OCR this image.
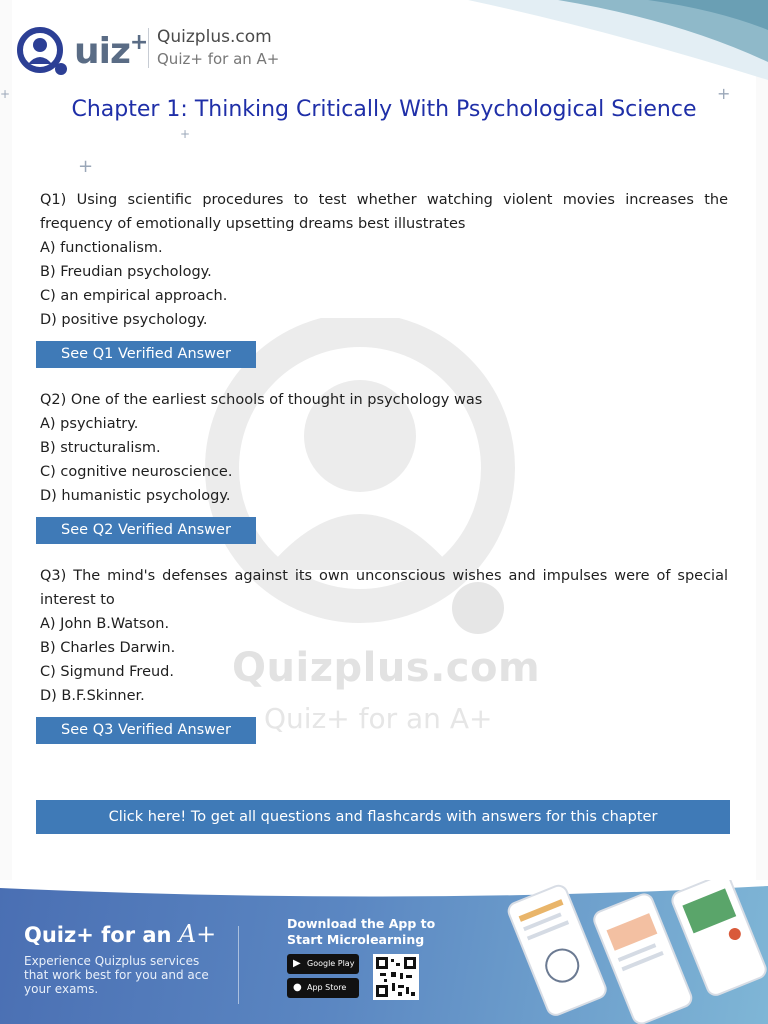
Quizplus.com
Quiz+ for an A+
+
+
+
+
uiz + Quizplus.com
Quiz+ for an A+
Chapter 1: Thinking Critically With Psychological Science

Q1) Using scientific procedures to test whether watching violent movies increases the frequency of emotionally upsetting dreams best illustrates

A) functionalism.

B) Freudian psychology.

C) an empirical approach.

D) positive psychology.

See Q1 Verified Answer

Q2) One of the earliest schools of thought in psychology was

A) psychiatry.

B) structuralism.

C) cognitive neuroscience.

D) humanistic psychology.

See Q2 Verified Answer

Q3) The mind's defenses against its own unconscious wishes and impulses were of special interest to

A) John B.Watson.

B) Charles Darwin.

C) Sigmund Freud.

D) B.F.Skinner.

See Q3 Verified Answer
Click here! To get all questions and flashcards with answers for this chapter
Quiz+ for an A+
Experience Quizplus services that work best for you and ace your exams.
Download the App to Start Microlearning
▶ Google Play
● App Store
